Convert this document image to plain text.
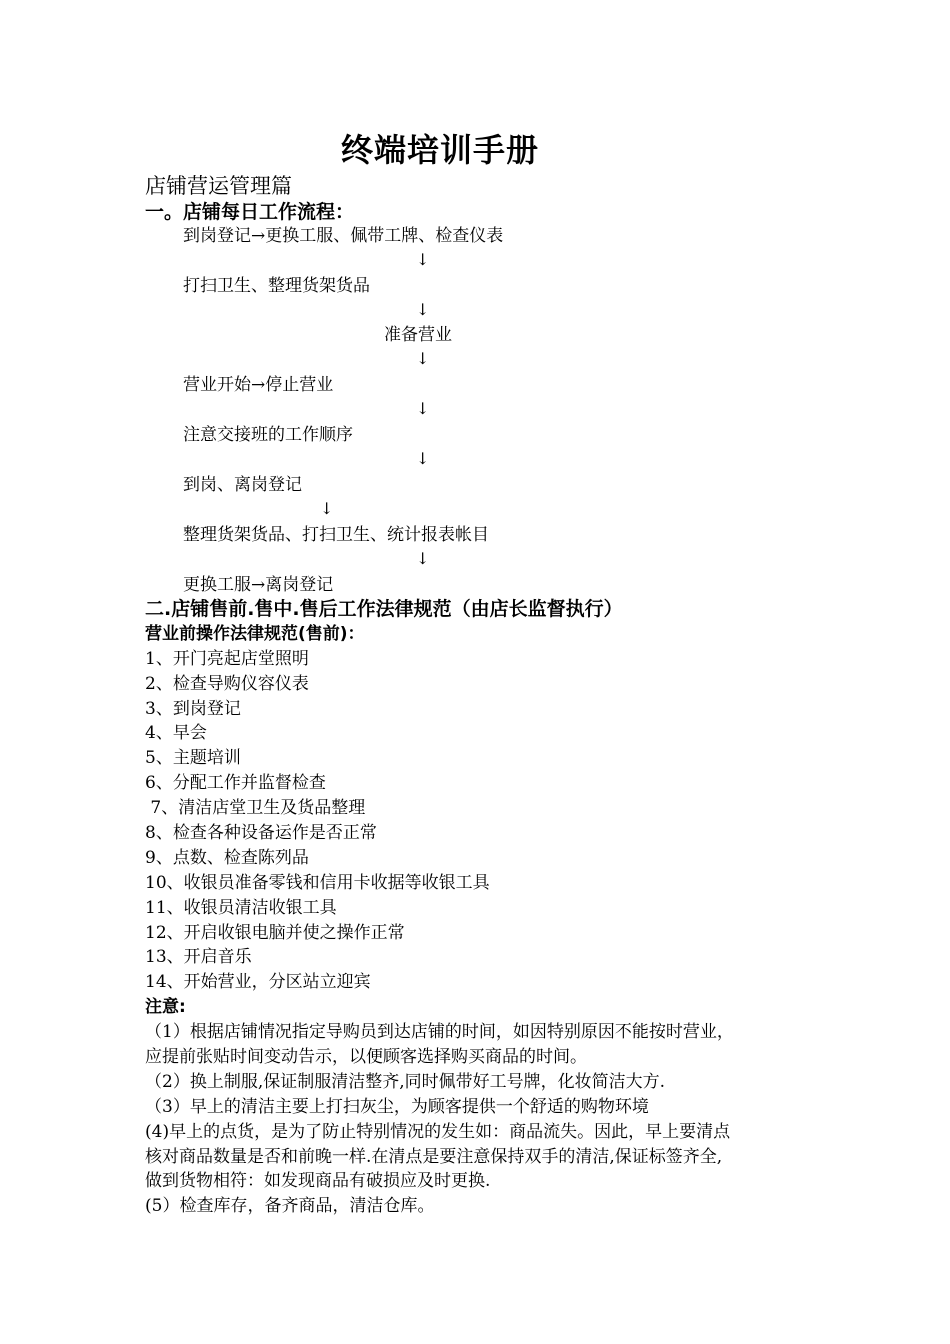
终端培训手册
店铺营运管理篇
一。店铺每日工作流程：
到岗登记→更换工服、佩带工牌、检查仪表
↓
打扫卫生、整理货架货品
↓
准备营业
↓
营业开始→停止营业
↓
注意交接班的工作顺序
↓
到岗、离岗登记
↓
整理货架货品、打扫卫生、统计报表帐目
↓
更换工服→离岗登记
二.店铺售前.售中.售后工作法律规范（由店长监督执行）
营业前操作法律规范(售前)：
1、开门亮起店堂照明
2、检查导购仪容仪表
3、到岗登记
4、早会
5、主题培训
6、分配工作并监督检查
7、清洁店堂卫生及货品整理
8、检查各种设备运作是否正常
9、点数、检查陈列品
10、收银员准备零钱和信用卡收据等收银工具
11、收银员清洁收银工具
12、开启收银电脑并使之操作正常
13、开启音乐
14、开始营业，分区站立迎宾
注意:
（1）根据店铺情况指定导购员到达店铺的时间，如因特别原因不能按时营业，
应提前张贴时间变动告示，以便顾客选择购买商品的时间。
（2）换上制服,保证制服清洁整齐,同时佩带好工号牌，化妆简洁大方.
（3）早上的清洁主要上打扫灰尘，为顾客提供一个舒适的购物环境
(4)早上的点货，是为了防止特别情况的发生如：商品流失。因此，早上要清点
核对商品数量是否和前晚一样.在清点是要注意保持双手的清洁,保证标签齐全,
做到货物相符：如发现商品有破损应及时更换.
(5）检查库存，备齐商品，清洁仓库。
